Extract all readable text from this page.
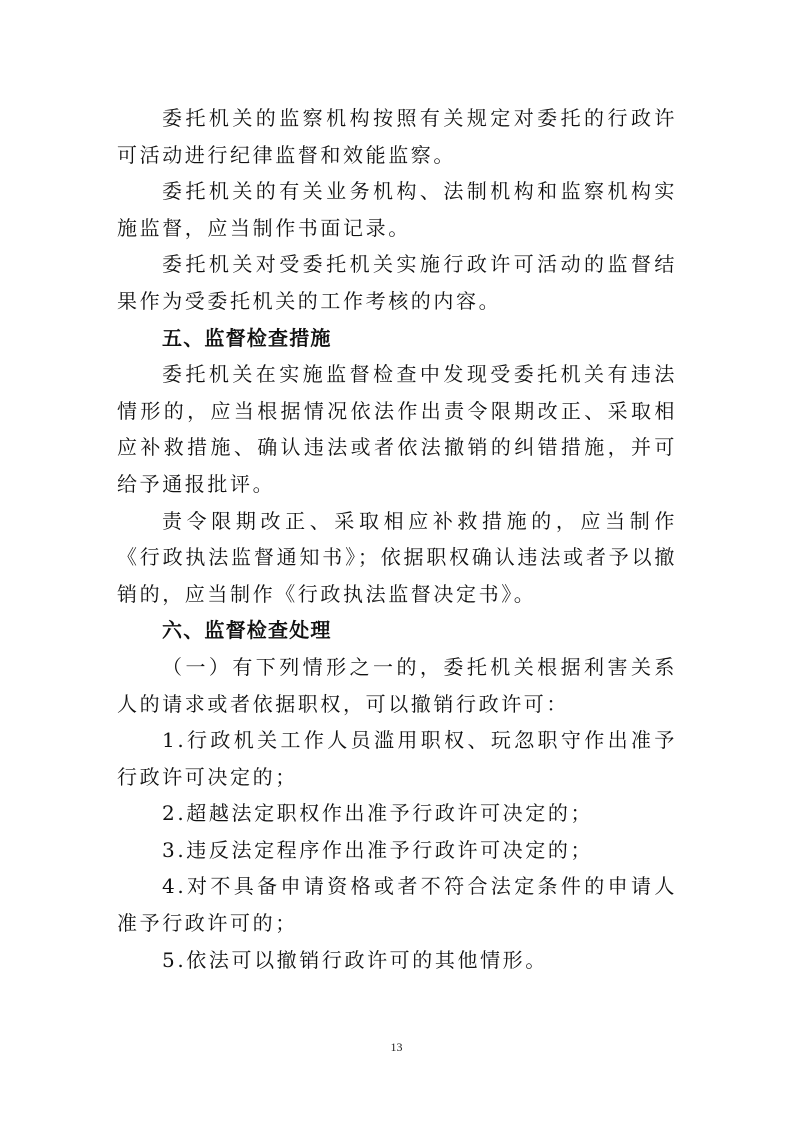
委托机关的监察机构按照有关规定对委托的行政许可活动进行纪律监督和效能监察。

委托机关的有关业务机构、法制机构和监察机构实施监督，应当制作书面记录。

委托机关对受委托机关实施行政许可活动的监督结果作为受委托机关的工作考核的内容。

五、监督检查措施

委托机关在实施监督检查中发现受委托机关有违法情形的，应当根据情况依法作出责令限期改正、采取相应补救措施、确认违法或者依法撤销的纠错措施，并可给予通报批评。

责令限期改正、采取相应补救措施的，应当制作《行政执法监督通知书》；依据职权确认违法或者予以撤销的，应当制作《行政执法监督决定书》。

六、监督检查处理

（一）有下列情形之一的，委托机关根据利害关系人的请求或者依据职权，可以撤销行政许可：

1.行政机关工作人员滥用职权、玩忽职守作出准予行政许可决定的；

2.超越法定职权作出准予行政许可决定的；

3.违反法定程序作出准予行政许可决定的；

4.对不具备申请资格或者不符合法定条件的申请人准予行政许可的；

5.依法可以撤销行政许可的其他情形。

13
